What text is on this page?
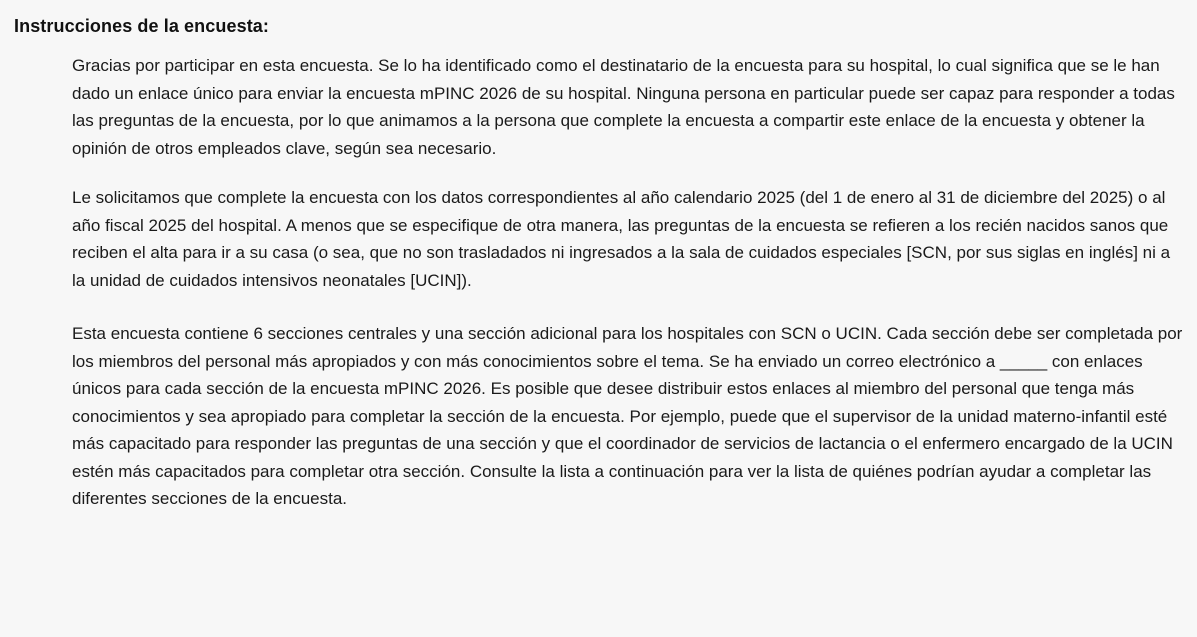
Instrucciones de la encuesta:

Gracias por participar en esta encuesta. Se lo ha identificado como el destinatario de la encuesta para su hospital, lo cual significa que se le han dado un enlace único para enviar la encuesta mPINC 2026 de su hospital. Ninguna persona en particular puede ser capaz para responder a todas las preguntas de la encuesta, por lo que animamos a la persona que complete la encuesta a compartir este enlace de la encuesta y obtener la opinión de otros empleados clave, según sea necesario.

Le solicitamos que complete la encuesta con los datos correspondientes al año calendario 2025 (del 1 de enero al 31 de diciembre del 2025) o al año fiscal 2025 del hospital. A menos que se especifique de otra manera, las preguntas de la encuesta se refieren a los recién nacidos sanos que reciben el alta para ir a su casa (o sea, que no son trasladados ni ingresados a la sala de cuidados especiales [SCN, por sus siglas en inglés] ni a la unidad de cuidados intensivos neonatales [UCIN]).

Esta encuesta contiene 6 secciones centrales y una sección adicional para los hospitales con SCN o UCIN. Cada sección debe ser completada por los miembros del personal más apropiados y con más conocimientos sobre el tema. Se ha enviado un correo electrónico a _____ con enlaces únicos para cada sección de la encuesta mPINC 2026. Es posible que desee distribuir estos enlaces al miembro del personal que tenga más conocimientos y sea apropiado para completar la sección de la encuesta. Por ejemplo, puede que el supervisor de la unidad materno-infantil esté más capacitado para responder las preguntas de una sección y que el coordinador de servicios de lactancia o el enfermero encargado de la UCIN estén más capacitados para completar otra sección. Consulte la lista a continuación para ver la lista de quiénes podrían ayudar a completar las diferentes secciones de la encuesta.
